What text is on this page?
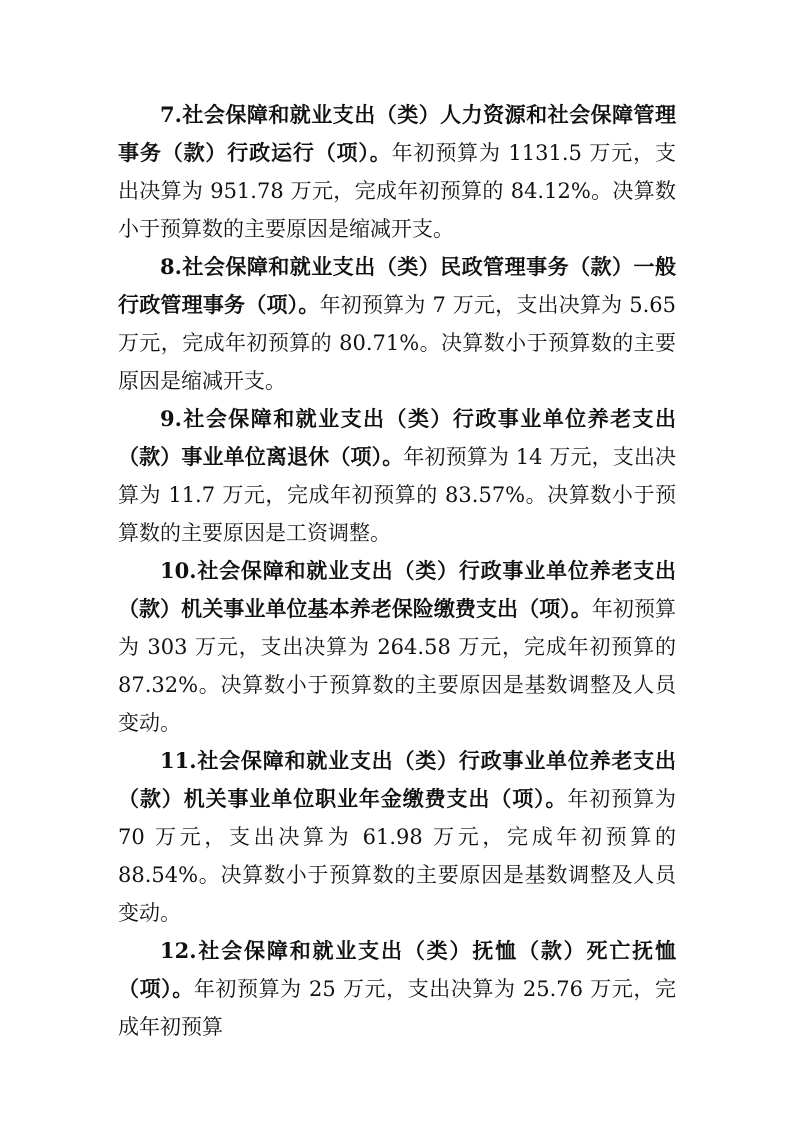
7.社会保障和就业支出（类）人力资源和社会保障管理事务（款）行政运行（项）。年初预算为 1131.5 万元，支出决算为 951.78 万元，完成年初预算的 84.12%。决算数小于预算数的主要原因是缩减开支。

8.社会保障和就业支出（类）民政管理事务（款）一般行政管理事务（项）。年初预算为 7 万元，支出决算为 5.65 万元，完成年初预算的 80.71%。决算数小于预算数的主要原因是缩减开支。

9.社会保障和就业支出（类）行政事业单位养老支出（款）事业单位离退休（项）。年初预算为 14 万元，支出决算为 11.7 万元，完成年初预算的 83.57%。决算数小于预算数的主要原因是工资调整。

10.社会保障和就业支出（类）行政事业单位养老支出（款）机关事业单位基本养老保险缴费支出（项）。年初预算为 303 万元，支出决算为 264.58 万元，完成年初预算的 87.32%。决算数小于预算数的主要原因是基数调整及人员变动。

11.社会保障和就业支出（类）行政事业单位养老支出（款）机关事业单位职业年金缴费支出（项）。年初预算为 70 万元，支出决算为 61.98 万元，完成年初预算的 88.54%。决算数小于预算数的主要原因是基数调整及人员变动。

12.社会保障和就业支出（类）抚恤（款）死亡抚恤（项）。年初预算为 25 万元，支出决算为 25.76 万元，完成年初预算
